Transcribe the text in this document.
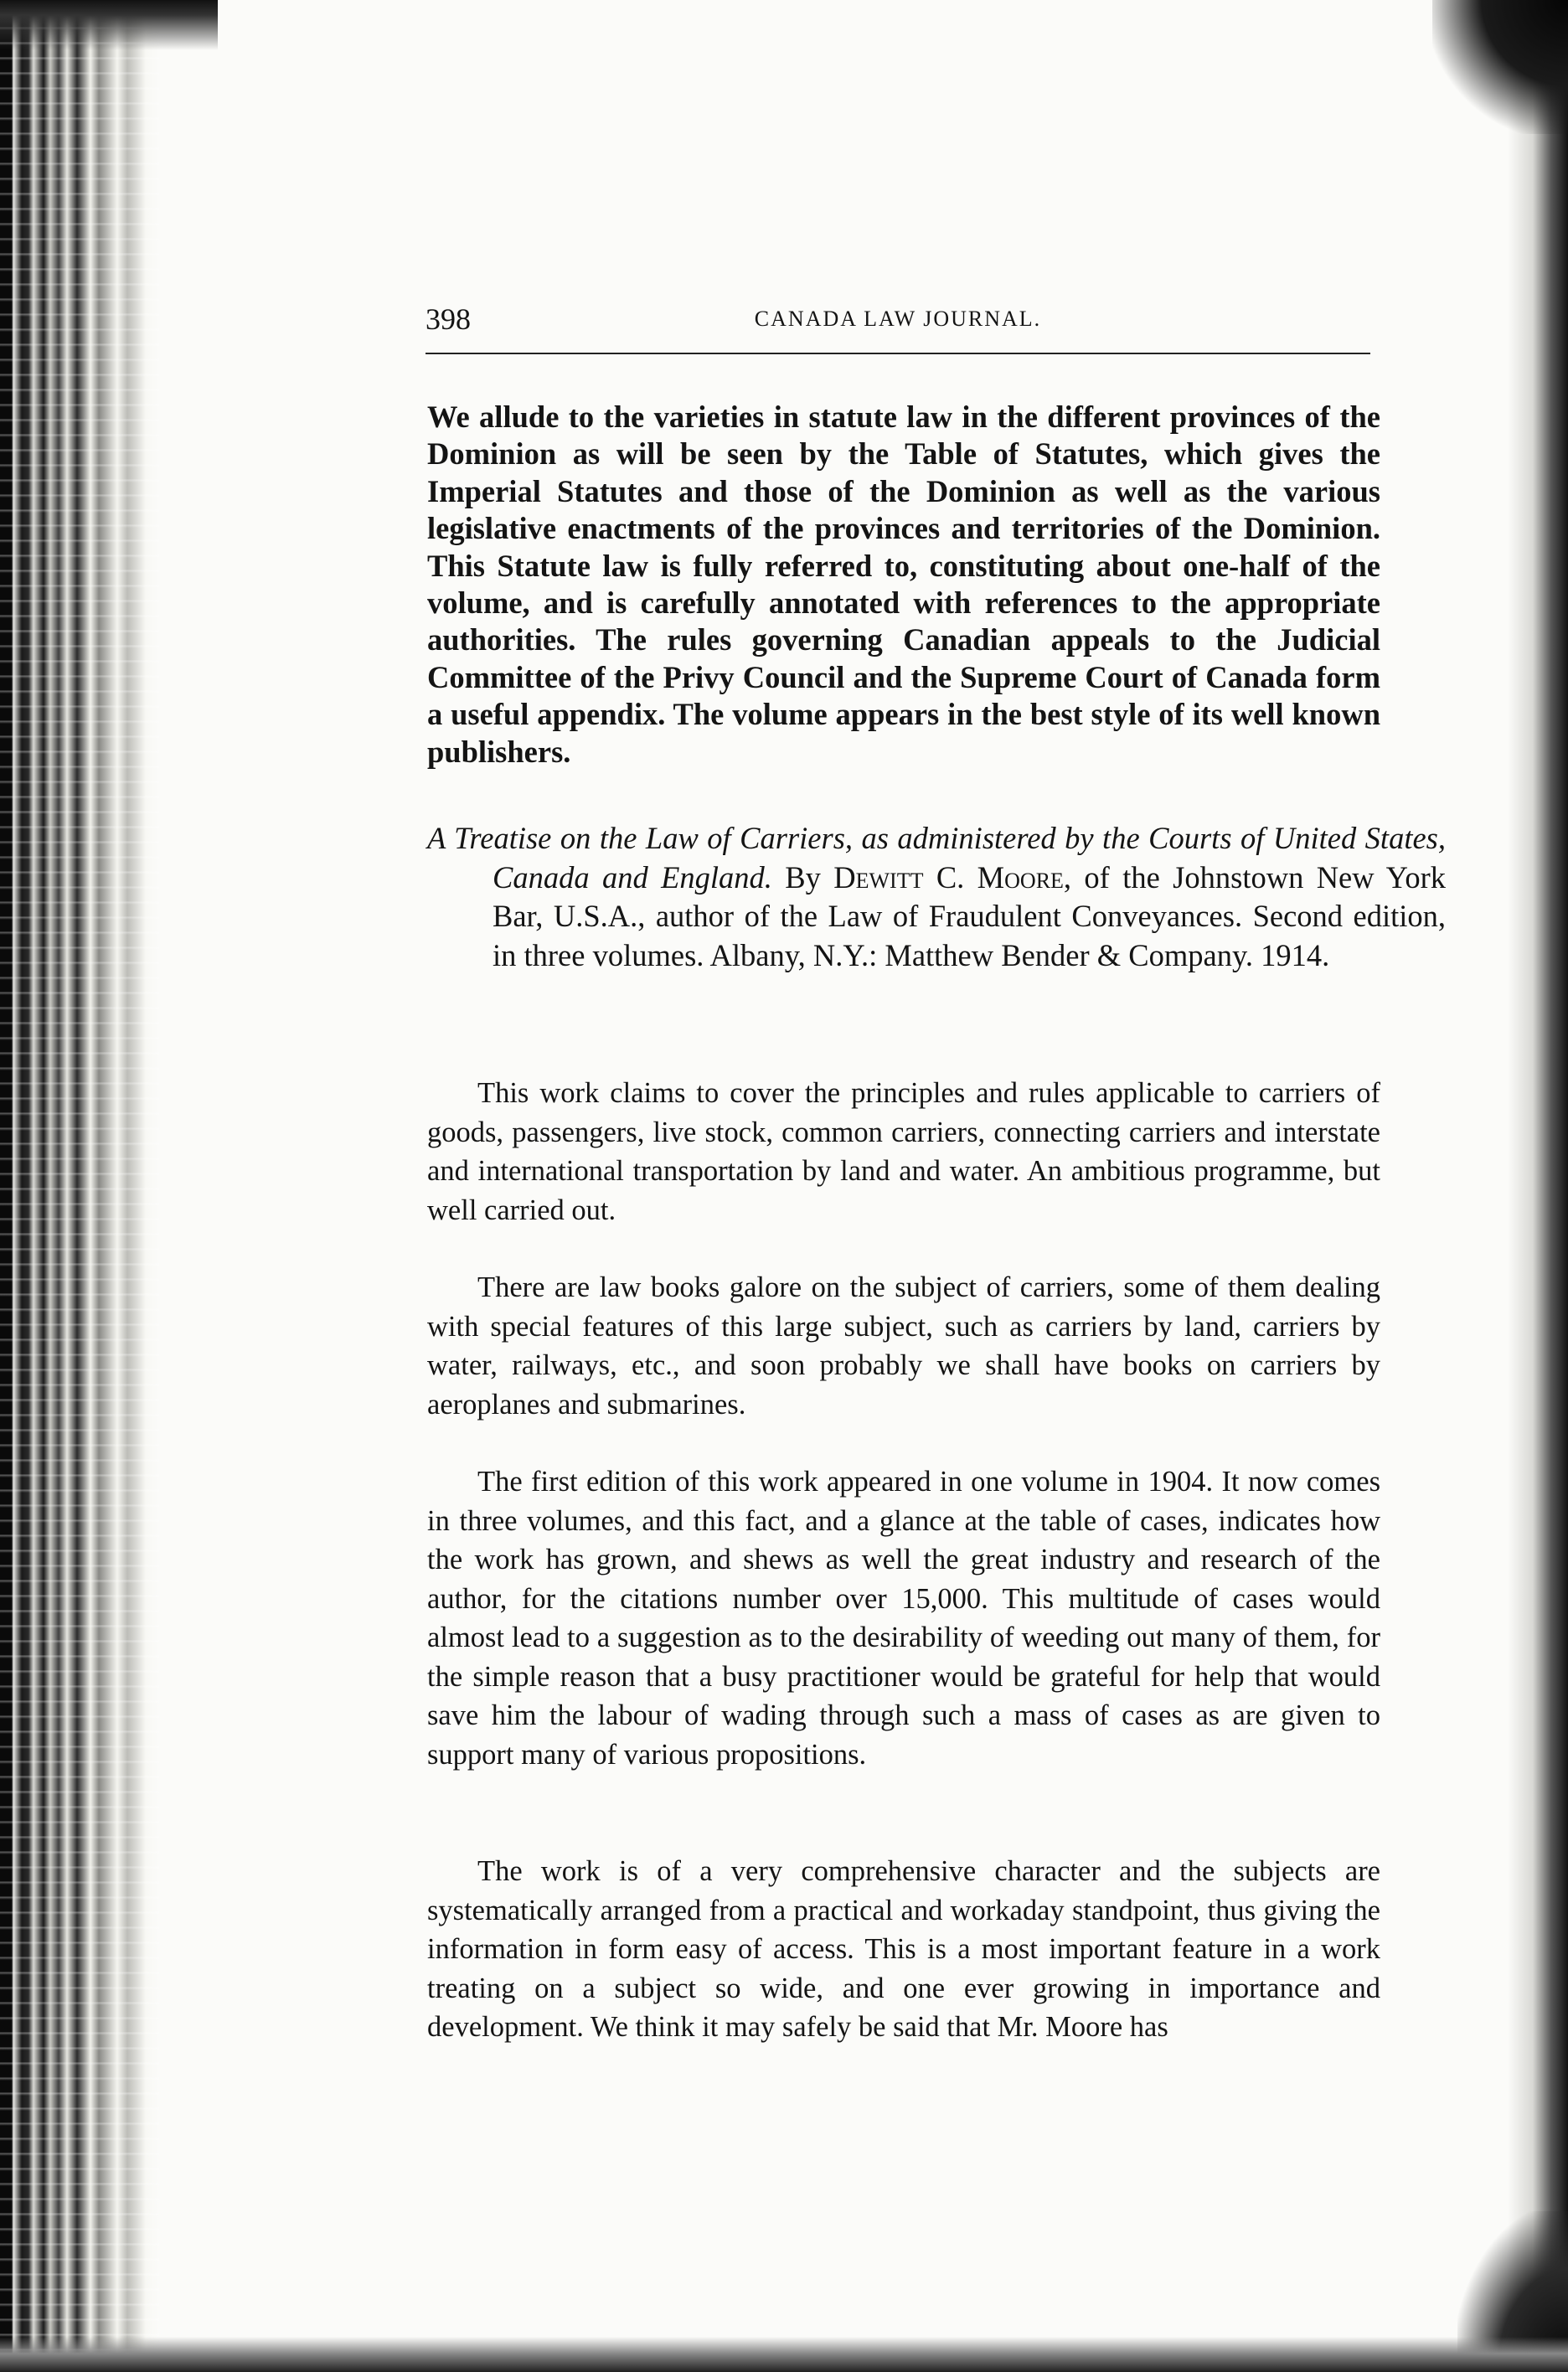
398	CANADA LAW JOURNAL.

We allude to the varieties in statute law in the different provinces of the Dominion as will be seen by the Table of Statutes, which gives the Imperial Statutes and those of the Dominion as well as the various legislative enactments of the provinces and territories of the Dominion. This Statute law is fully referred to, constituting about one-half of the volume, and is carefully annotated with references to the appropriate authorities. The rules governing Canadian appeals to the Judicial Committee of the Privy Council and the Supreme Court of Canada form a useful appendix. The volume appears in the best style of its well known publishers.

A Treatise on the Law of Carriers, as administered by the Courts of United States, Canada and England. By Dewitt C. Moore, of the Johnstown New York Bar, U.S.A., author of the Law of Fraudulent Conveyances. Second edition, in three volumes. Albany, N.Y.: Matthew Bender & Company. 1914.

This work claims to cover the principles and rules applicable to carriers of goods, passengers, live stock, common carriers, connecting carriers and interstate and international transportation by land and water. An ambitious programme, but well carried out.

There are law books galore on the subject of carriers, some of them dealing with special features of this large subject, such as carriers by land, carriers by water, railways, etc., and soon probably we shall have books on carriers by aeroplanes and submarines.

The first edition of this work appeared in one volume in 1904. It now comes in three volumes, and this fact, and a glance at the table of cases, indicates how the work has grown, and shews as well the great industry and research of the author, for the citations number over 15,000. This multitude of cases would almost lead to a suggestion as to the desirability of weeding out many of them, for the simple reason that a busy practitioner would be grateful for help that would save him the labour of wading through such a mass of cases as are given to support many of various propositions.

The work is of a very comprehensive character and the subjects are systematically arranged from a practical and workaday standpoint, thus giving the information in form easy of access. This is a most important feature in a work treating on a subject so wide, and one ever growing in importance and development. We think it may safely be said that Mr. Moore has
